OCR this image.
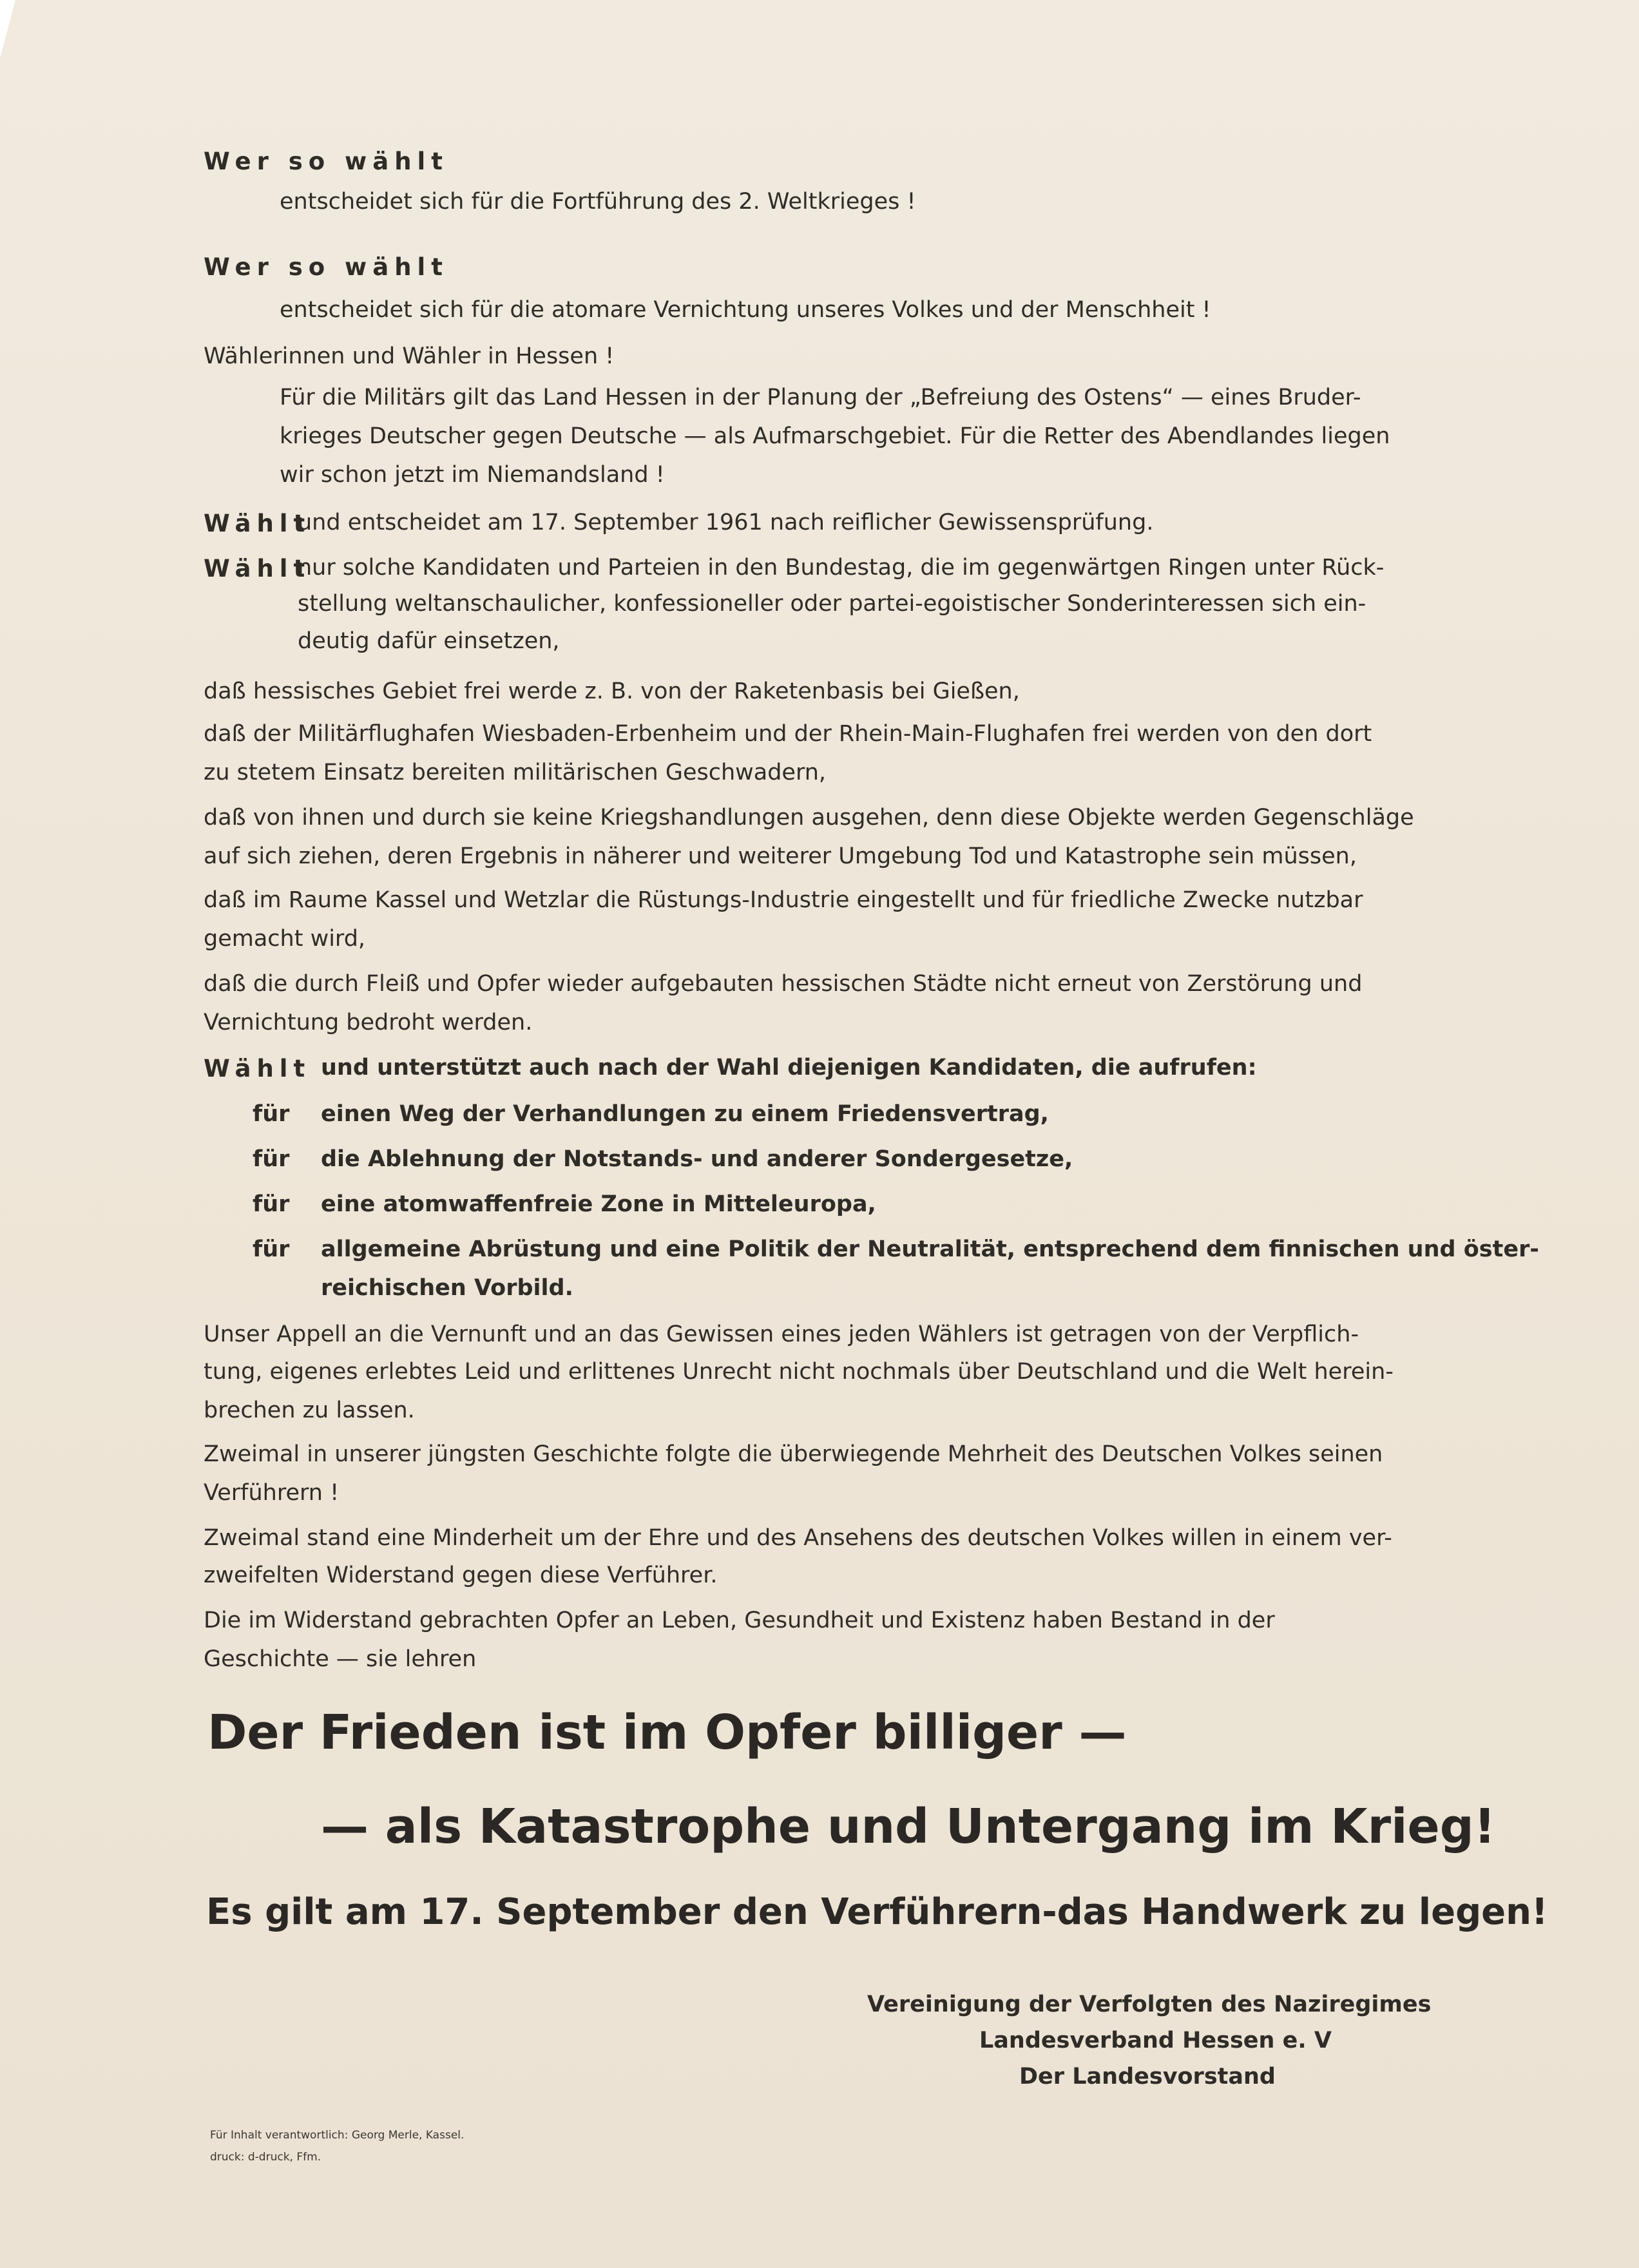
Wer so wählt
entscheidet sich für die Fortführung des 2. Weltkrieges !
Wer so wählt
entscheidet sich für die atomare Vernichtung unseres Volkes und der Menschheit !
Wählerinnen und Wähler in Hessen !
Für die Militärs gilt das Land Hessen in der Planung der „Befreiung des Ostens“ — eines Bruder-
krieges Deutscher gegen Deutsche — als Aufmarschgebiet. Für die Retter des Abendlandes liegen
wir schon jetzt im Niemandsland !
Wählt
und entscheidet am 17. September 1961 nach reiflicher Gewissensprüfung.
Wählt
nur solche Kandidaten und Parteien in den Bundestag, die im gegenwärtgen Ringen unter Rück-
stellung weltanschaulicher, konfessioneller oder partei-egoistischer Sonderinteressen sich ein-
deutig dafür einsetzen,
daß hessisches Gebiet frei werde z. B. von der Raketenbasis bei Gießen,
daß der Militärflughafen Wiesbaden-Erbenheim und der Rhein-Main-Flughafen frei werden von den dort
zu stetem Einsatz bereiten militärischen Geschwadern,
daß von ihnen und durch sie keine Kriegshandlungen ausgehen, denn diese Objekte werden Gegenschläge
auf sich ziehen, deren Ergebnis in näherer und weiterer Umgebung Tod und Katastrophe sein müssen,
daß im Raume Kassel und Wetzlar die Rüstungs-Industrie eingestellt und für friedliche Zwecke nutzbar
gemacht wird,
daß die durch Fleiß und Opfer wieder aufgebauten hessischen Städte nicht erneut von Zerstörung und
Vernichtung bedroht werden.
Wählt und unterstützt auch nach der Wahl diejenigen Kandidaten, die aufrufen:
für einen Weg der Verhandlungen zu einem Friedensvertrag,
für die Ablehnung der Notstands- und anderer Sondergesetze,
für eine atomwaffenfreie Zone in Mitteleuropa,
für allgemeine Abrüstung und eine Politik der Neutralität, entsprechend dem finnischen und öster-
reichischen Vorbild.
Unser Appell an die Vernunft und an das Gewissen eines jeden Wählers ist getragen von der Verpflich-
tung, eigenes erlebtes Leid und erlittenes Unrecht nicht nochmals über Deutschland und die Welt herein-
brechen zu lassen.
Zweimal in unserer jüngsten Geschichte folgte die überwiegende Mehrheit des Deutschen Volkes seinen
Verführern !
Zweimal stand eine Minderheit um der Ehre und des Ansehens des deutschen Volkes willen in einem ver-
zweifelten Widerstand gegen diese Verführer.
Die im Widerstand gebrachten Opfer an Leben, Gesundheit und Existenz haben Bestand in der
Geschichte — sie lehren
Der Frieden ist im Opfer billiger —
— als Katastrophe und Untergang im Krieg!
Es gilt am 17. September den Verführern-das Handwerk zu legen!
Vereinigung der Verfolgten des Naziregimes
Landesverband Hessen e. V
Der Landesvorstand
Für Inhalt verantwortlich: Georg Merle, Kassel.
druck: d-druck, Ffm.
